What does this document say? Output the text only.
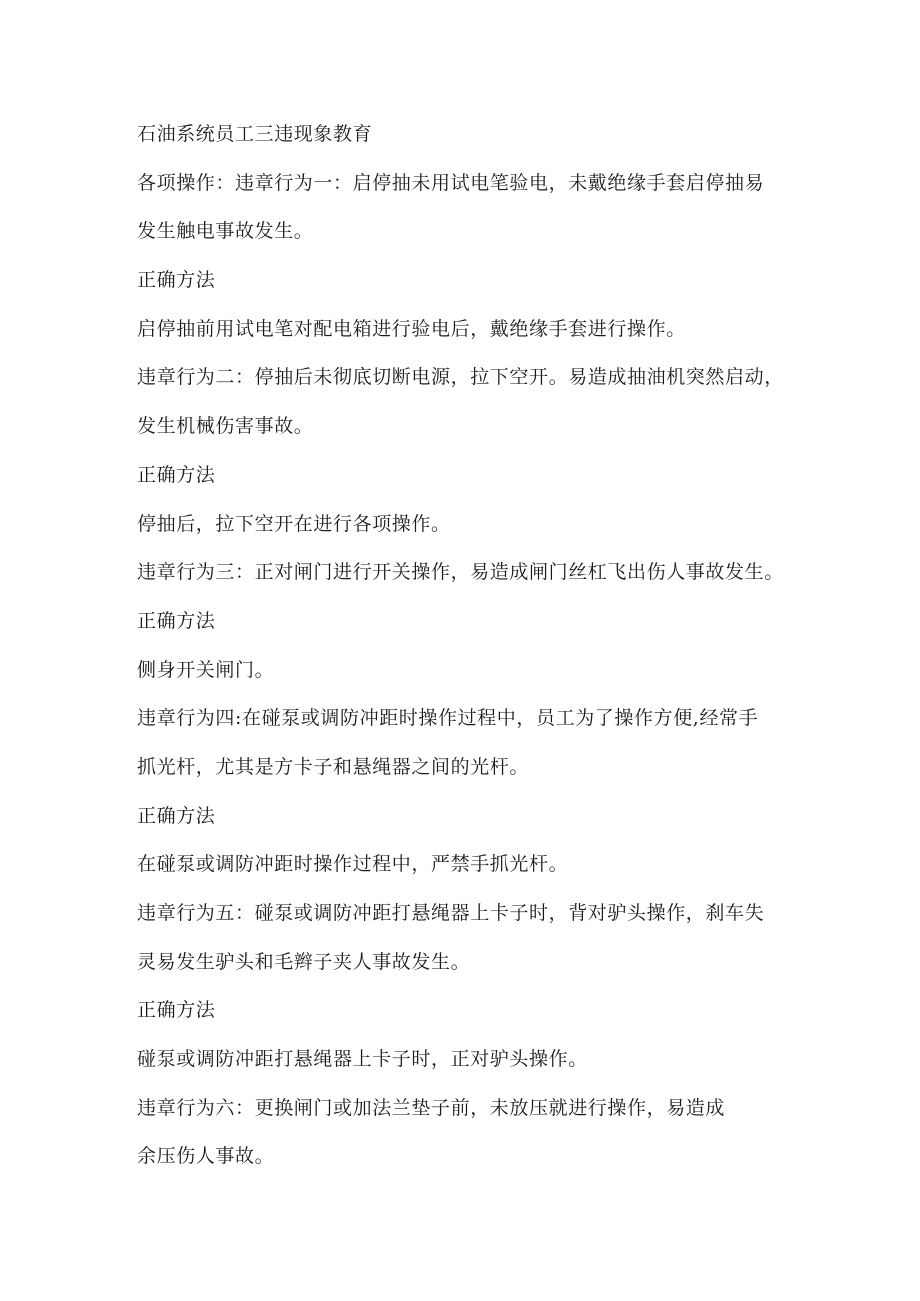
石油系统员工三违现象教育
各项操作：违章行为一：启停抽未用试电笔验电，未戴绝缘手套启停抽易
发生触电事故发生。
正确方法
启停抽前用试电笔对配电箱进行验电后，戴绝缘手套进行操作。
违章行为二：停抽后未彻底切断电源，拉下空开。易造成抽油机突然启动，
发生机械伤害事故。
正确方法
停抽后，拉下空开在进行各项操作。
违章行为三：正对闸门进行开关操作，易造成闸门丝杠飞出伤人事故发生。
正确方法
侧身开关闸门。
违章行为四:在碰泵或调防冲距时操作过程中，员工为了操作方便,经常手
抓光杆，尤其是方卡子和悬绳器之间的光杆。
正确方法
在碰泵或调防冲距时操作过程中，严禁手抓光杆。
违章行为五：碰泵或调防冲距打悬绳器上卡子时，背对驴头操作，刹车失
灵易发生驴头和毛辫子夹人事故发生。
正确方法
碰泵或调防冲距打悬绳器上卡子时，正对驴头操作。
违章行为六：更换闸门或加法兰垫子前，未放压就进行操作，易造成
余压伤人事故。
